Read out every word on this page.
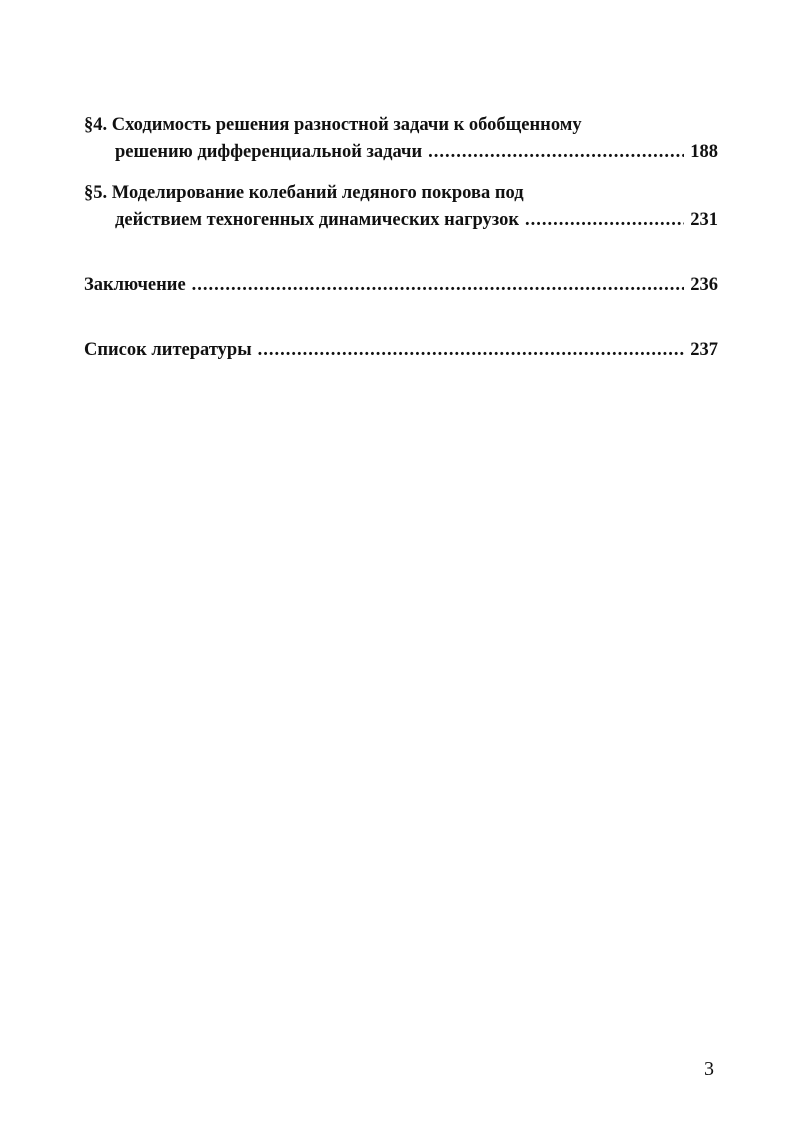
§4. Сходимость решения разностной задачи к обобщенному
решению дифференциальной задачи .....	188
§5. Моделирование колебаний ледяного покрова под
действием техногенных динамических нагрузок .....	231
Заключение .....	236
Список литературы .....	237
3
